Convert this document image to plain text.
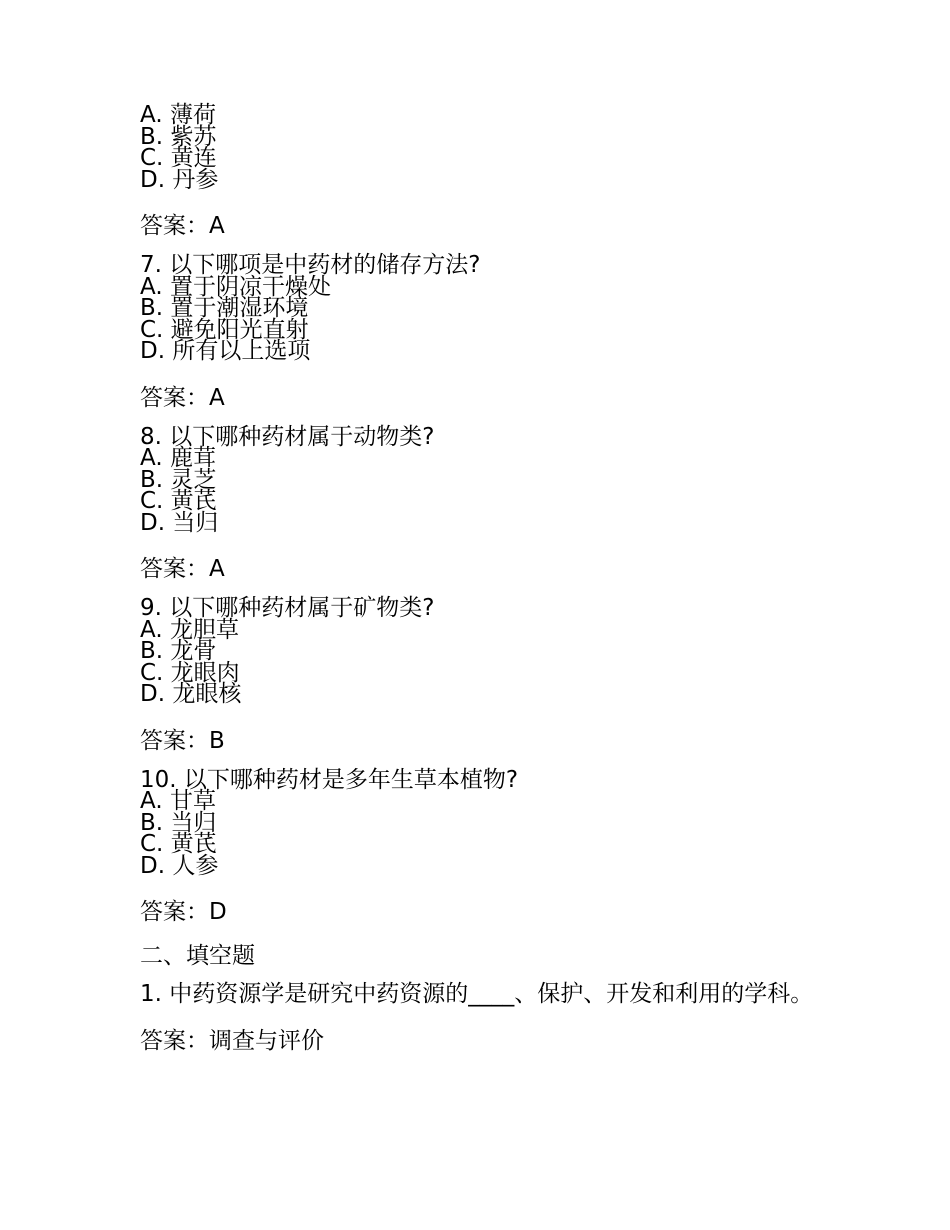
A. 薄荷
B. 紫苏
C. 黄连
D. 丹参
答案：A
7. 以下哪项是中药材的储存方法?
A. 置于阴凉干燥处
B. 置于潮湿环境
C. 避免阳光直射
D. 所有以上选项
答案：A
8. 以下哪种药材属于动物类?
A. 鹿茸
B. 灵芝
C. 黄芪
D. 当归
答案：A
9. 以下哪种药材属于矿物类?
A. 龙胆草
B. 龙骨
C. 龙眼肉
D. 龙眼核
答案：B
10. 以下哪种药材是多年生草本植物?
A. 甘草
B. 当归
C. 黄芪
D. 人参
答案：D
二、填空题
1. 中药资源学是研究中药资源的____、保护、开发和利用的学科。
答案：调查与评价
